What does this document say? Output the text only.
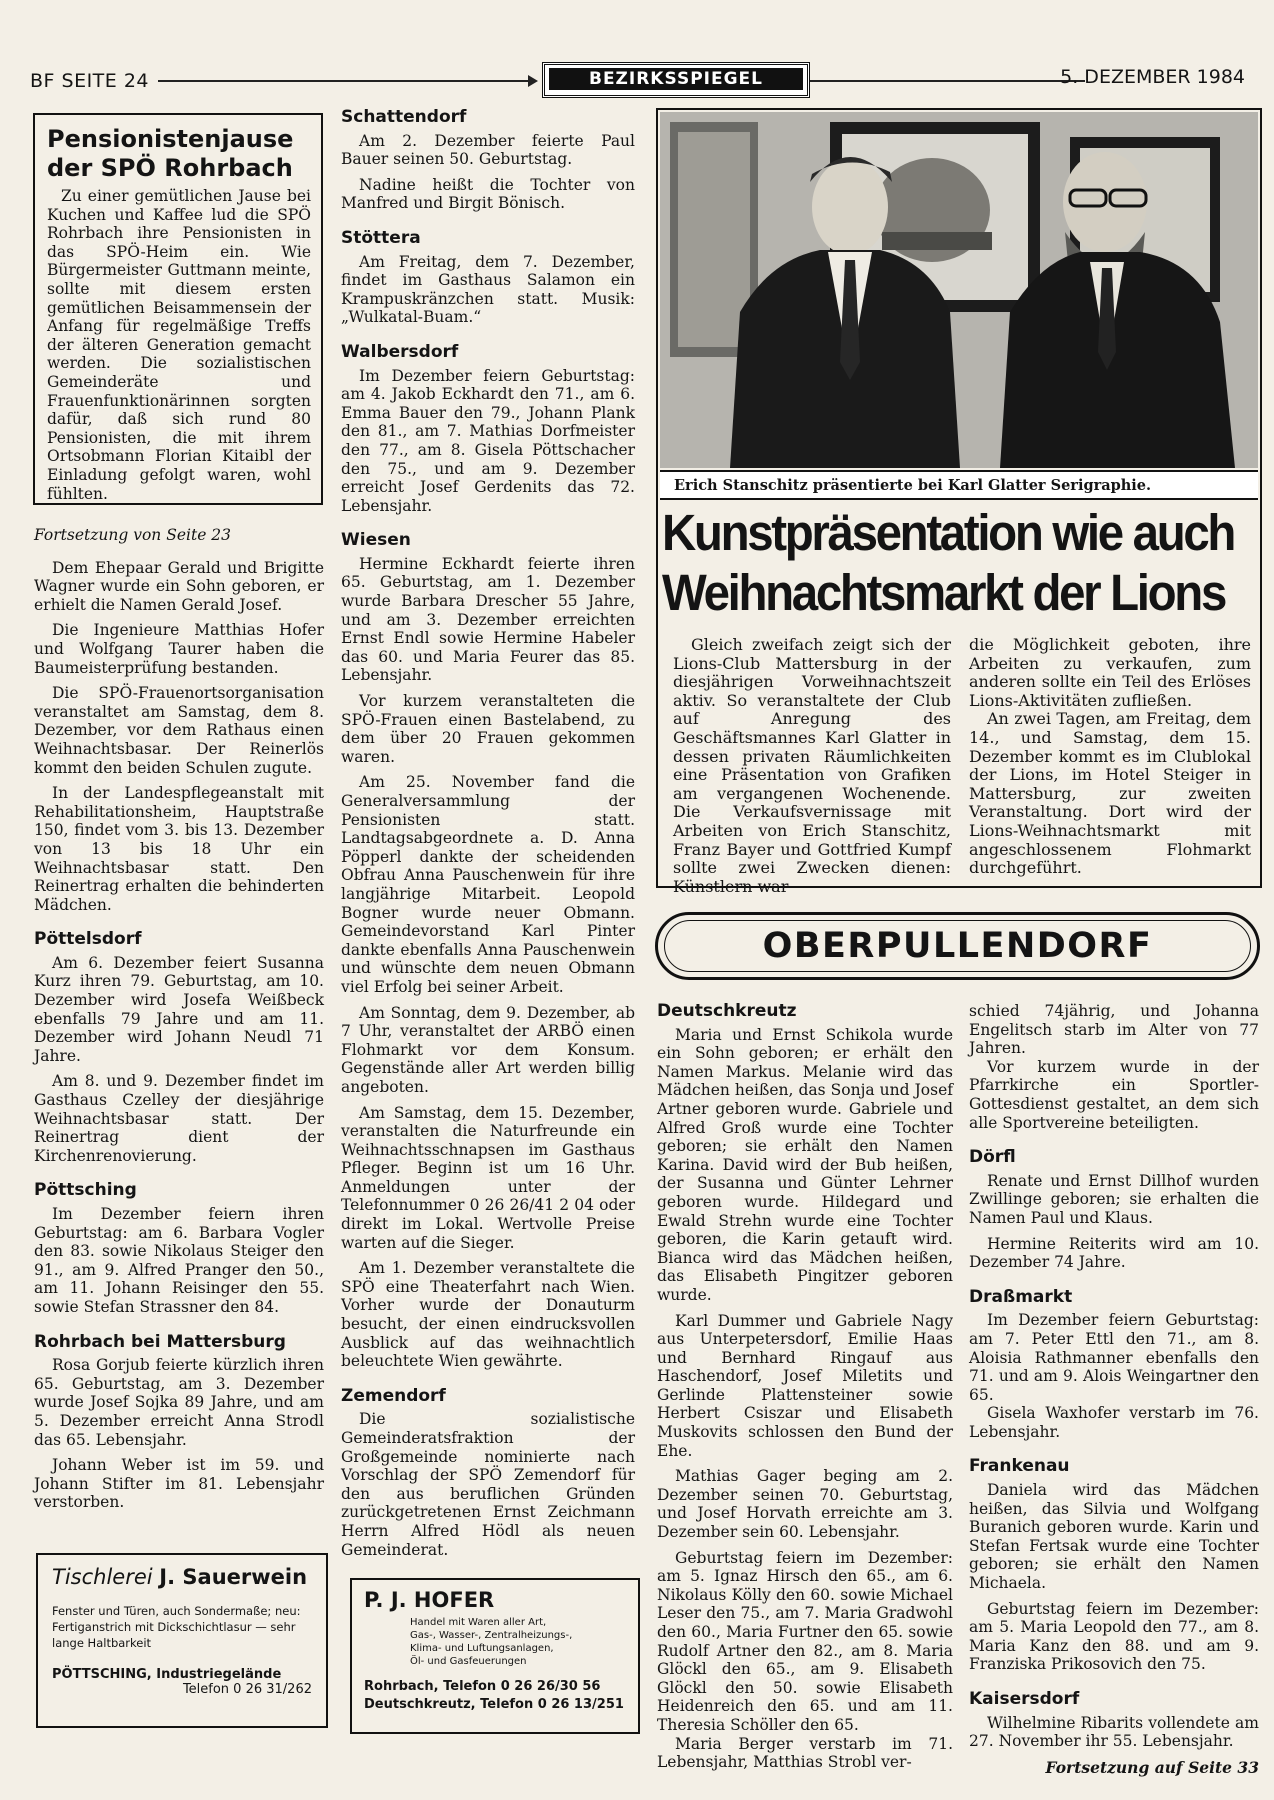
BF SEITE 24	BEZIRKSSPIEGEL	5. DEZEMBER 1984
Pensionistenjause der SPÖ Rohrbach
Zu einer gemütlichen Jause bei Kuchen und Kaffee lud die SPÖ Rohrbach ihre Pensionisten in das SPÖ-Heim ein. Wie Bürgermeister Guttmann meinte, sollte mit diesem ersten gemütlichen Beisammensein der Anfang für regelmäßige Treffs der älteren Generation gemacht werden. Die sozialistischen Gemeinderäte und Frauenfunktionärinnen sorgten dafür, daß sich rund 80 Pensionisten, die mit ihrem Ortsobmann Florian Kitaibl der Einladung gefolgt waren, wohl fühlten.

Fortsetzung von Seite 23

Dem Ehepaar Gerald und Brigitte Wagner wurde ein Sohn geboren, er erhielt die Namen Gerald Josef.

Die Ingenieure Matthias Hofer und Wolfgang Taurer haben die Baumeisterprüfung bestanden.

Die SPÖ-Frauenortsorganisation veranstaltet am Samstag, dem 8. Dezember, vor dem Rathaus einen Weihnachtsbasar. Der Reinerlös kommt den beiden Schulen zugute.

In der Landespflegeanstalt mit Rehabilitationsheim, Hauptstraße 150, findet vom 3. bis 13. Dezember von 13 bis 18 Uhr ein Weihnachtsbasar statt. Den Reinertrag erhalten die behinderten Mädchen.

Pöttelsdorf

Am 6. Dezember feiert Susanna Kurz ihren 79. Geburtstag, am 10. Dezember wird Josefa Weißbeck ebenfalls 79 Jahre und am 11. Dezember wird Johann Neudl 71 Jahre.

Am 8. und 9. Dezember findet im Gasthaus Czelley der diesjährige Weihnachtsbasar statt. Der Reinertrag dient der Kirchenrenovierung.

Pöttsching

Im Dezember feiern ihren Geburtstag: am 6. Barbara Vogler den 83. sowie Nikolaus Steiger den 91., am 9. Alfred Pranger den 50., am 11. Johann Reisinger den 55. sowie Stefan Strassner den 84.

Rohrbach bei Mattersburg

Rosa Gorjub feierte kürzlich ihren 65. Geburtstag, am 3. Dezember wurde Josef Sojka 89 Jahre, und am 5. Dezember erreicht Anna Strodl das 65. Lebensjahr.

Johann Weber ist im 59. und Johann Stifter im 81. Lebensjahr verstorben.

Tischlerei J. Sauerwein
Fenster und Türen, auch Sondermaße; neu: Fertiganstrich mit Dickschichtlasur — sehr lange Haltbarkeit
PÖTTSCHING, Industriegelände
Telefon 0 26 31/262
Schattendorf

Am 2. Dezember feierte Paul Bauer seinen 50. Geburtstag.

Nadine heißt die Tochter von Manfred und Birgit Bönisch.

Stöttera

Am Freitag, dem 7. Dezember, findet im Gasthaus Salamon ein Krampuskränzchen statt. Musik: „Wulkatal-Buam.“

Walbersdorf

Im Dezember feiern Geburtstag: am 4. Jakob Eckhardt den 71., am 6. Emma Bauer den 79., Johann Plank den 81., am 7. Mathias Dorfmeister den 77., am 8. Gisela Pöttschacher den 75., und am 9. Dezember erreicht Josef Gerdenits das 72. Lebensjahr.

Wiesen

Hermine Eckhardt feierte ihren 65. Geburtstag, am 1. Dezember wurde Barbara Drescher 55 Jahre, und am 3. Dezember erreichten Ernst Endl sowie Hermine Habeler das 60. und Maria Feurer das 85. Lebensjahr.

Vor kurzem veranstalteten die SPÖ-Frauen einen Bastelabend, zu dem über 20 Frauen gekommen waren.

Am 25. November fand die Generalversammlung der Pensionisten statt. Landtagsabgeordnete a. D. Anna Pöpperl dankte der scheidenden Obfrau Anna Pauschenwein für ihre langjährige Mitarbeit. Leopold Bogner wurde neuer Obmann. Gemeindevorstand Karl Pinter dankte ebenfalls Anna Pauschenwein und wünschte dem neuen Obmann viel Erfolg bei seiner Arbeit.

Am Sonntag, dem 9. Dezember, ab 7 Uhr, veranstaltet der ARBÖ einen Flohmarkt vor dem Konsum. Gegenstände aller Art werden billig angeboten.

Am Samstag, dem 15. Dezember, veranstalten die Naturfreunde ein Weihnachtsschnapsen im Gasthaus Pfleger. Beginn ist um 16 Uhr. Anmeldungen unter der Telefonnummer 0 26 26/41 2 04 oder direkt im Lokal. Wertvolle Preise warten auf die Sieger.

Am 1. Dezember veranstaltete die SPÖ eine Theaterfahrt nach Wien. Vorher wurde der Donauturm besucht, der einen eindrucksvollen Ausblick auf das weihnachtlich beleuchtete Wien gewährte.

Zemendorf

Die sozialistische Gemeinderatsfraktion der Großgemeinde nominierte nach Vorschlag der SPÖ Zemendorf für den aus beruflichen Gründen zurückgetretenen Ernst Zeichmann Herrn Alfred Hödl als neuen Gemeinderat.

P. J. HOFER
Handel mit Waren aller Art,
Gas-, Wasser-, Zentralheizungs-,
Klima- und Luftungsanlagen,
Öl- und Gasfeuerungen
Rohrbach, Telefon 0 26 26/30 56
Deutschkreutz, Telefon 0 26 13/251
Erich Stanschitz präsentierte bei Karl Glatter Serigraphie.
Kunstpräsentation wie auch
Weihnachtsmarkt der Lions

Gleich zweifach zeigt sich der Lions-Club Mattersburg in der diesjährigen Vorweihnachtszeit aktiv. So veranstaltete der Club auf Anregung des Geschäftsmannes Karl Glatter in dessen privaten Räumlichkeiten eine Präsentation von Grafiken am vergangenen Wochenende. Die Verkaufsvernissage mit Arbeiten von Erich Stanschitz, Franz Bayer und Gottfried Kumpf sollte zwei Zwecken dienen: Künstlern war

die Möglichkeit geboten, ihre Arbeiten zu verkaufen, zum anderen sollte ein Teil des Erlöses Lions-Aktivitäten zufließen.

An zwei Tagen, am Freitag, dem 14., und Samstag, dem 15. Dezember kommt es im Clublokal der Lions, im Hotel Steiger in Mattersburg, zur zweiten Veranstaltung. Dort wird der Lions-Weihnachtsmarkt mit angeschlossenem Flohmarkt durchgeführt.

OBERPULLENDORF
Deutschkreutz

Maria und Ernst Schikola wurde ein Sohn geboren; er erhält den Namen Markus. Melanie wird das Mädchen heißen, das Sonja und Josef Artner geboren wurde. Gabriele und Alfred Groß wurde eine Tochter geboren; sie erhält den Namen Karina. David wird der Bub heißen, der Susanna und Günter Lehrner geboren wurde. Hildegard und Ewald Strehn wurde eine Tochter geboren, die Karin getauft wird. Bianca wird das Mädchen heißen, das Elisabeth Pingitzer geboren wurde.

Karl Dummer und Gabriele Nagy aus Unterpetersdorf, Emilie Haas und Bernhard Ringauf aus Haschendorf, Josef Miletits und Gerlinde Plattensteiner sowie Herbert Csiszar und Elisabeth Muskovits schlossen den Bund der Ehe.

Mathias Gager beging am 2. Dezember seinen 70. Geburtstag, und Josef Horvath erreichte am 3. Dezember sein 60. Lebensjahr.

Geburtstag feiern im Dezember: am 5. Ignaz Hirsch den 65., am 6. Nikolaus Kölly den 60. sowie Michael Leser den 75., am 7. Maria Gradwohl den 60., Maria Furtner den 65. sowie Rudolf Artner den 82., am 8. Maria Glöckl den 65., am 9. Elisabeth Glöckl den 50. sowie Elisabeth Heidenreich den 65. und am 11. Theresia Schöller den 65.

Maria Berger verstarb im 71. Lebensjahr, Matthias Strobl ver-

schied 74jährig, und Johanna Engelitsch starb im Alter von 77 Jahren.

Vor kurzem wurde in der Pfarrkirche ein Sportler-Gottesdienst gestaltet, an dem sich alle Sportvereine beteiligten.

Dörfl

Renate und Ernst Dillhof wurden Zwillinge geboren; sie erhalten die Namen Paul und Klaus.

Hermine Reiterits wird am 10. Dezember 74 Jahre.

Draßmarkt

Im Dezember feiern Geburtstag: am 7. Peter Ettl den 71., am 8. Aloisia Rathmanner ebenfalls den 71. und am 9. Alois Weingartner den 65.

Gisela Waxhofer verstarb im 76. Lebensjahr.

Frankenau

Daniela wird das Mädchen heißen, das Silvia und Wolfgang Buranich geboren wurde. Karin und Stefan Fertsak wurde eine Tochter geboren; sie erhält den Namen Michaela.

Geburtstag feiern im Dezember: am 5. Maria Leopold den 77., am 8. Maria Kanz den 88. und am 9. Franziska Prikosovich den 75.

Kaisersdorf

Wilhelmine Ribarits vollendete am 27. November ihr 55. Lebensjahr.

Fortsetzung auf Seite 33
